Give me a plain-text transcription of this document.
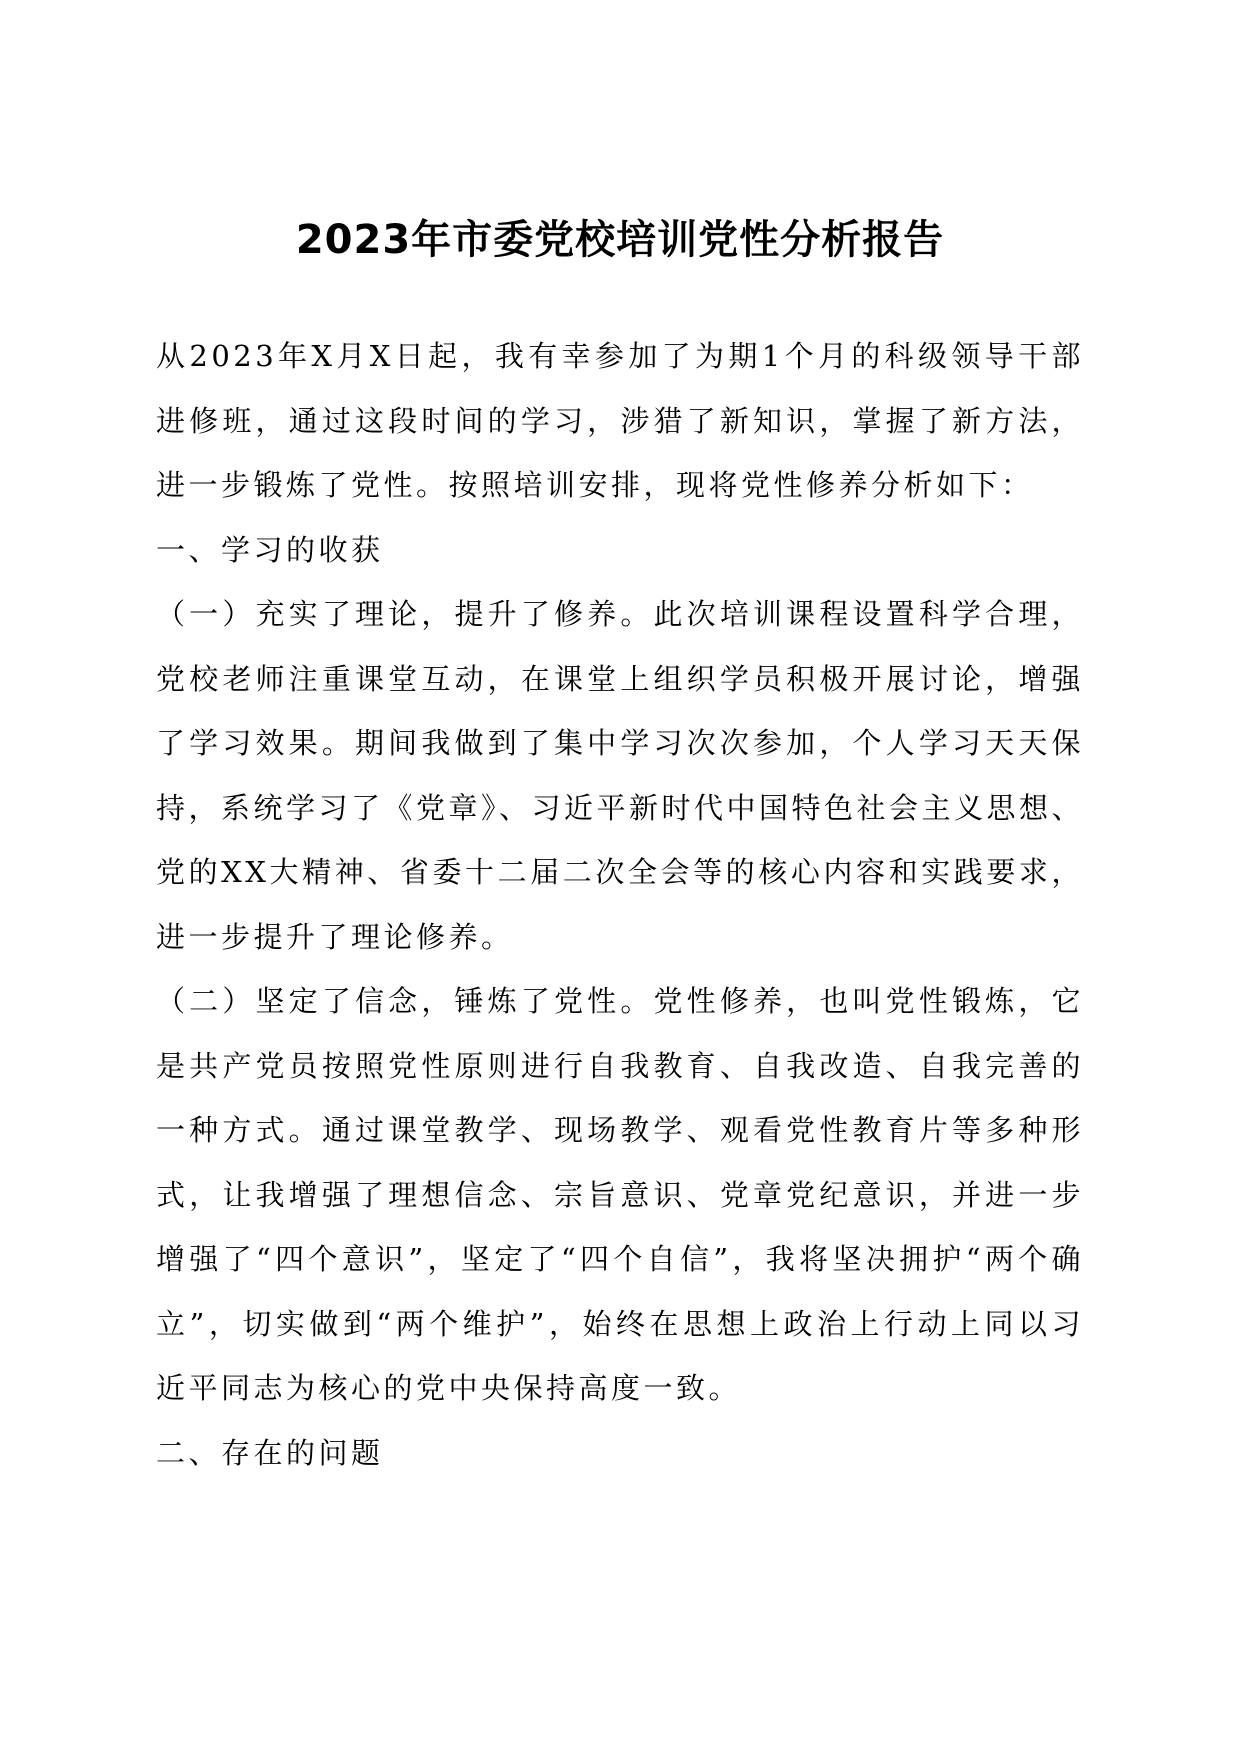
2023年市委党校培训党性分析报告

从2023年X月X日起，我有幸参加了为期1个月的科级领导干部进修班，通过这段时间的学习，涉猎了新知识，掌握了新方法，进一步锻炼了党性。按照培训安排，现将党性修养分析如下：

一、学习的收获

（一）充实了理论，提升了修养。此次培训课程设置科学合理，党校老师注重课堂互动，在课堂上组织学员积极开展讨论，增强了学习效果。期间我做到了集中学习次次参加，个人学习天天保持，系统学习了《党章》、习近平新时代中国特色社会主义思想、党的XX大精神、省委十二届二次全会等的核心内容和实践要求，进一步提升了理论修养。

（二）坚定了信念，锤炼了党性。党性修养，也叫党性锻炼，它是共产党员按照党性原则进行自我教育、自我改造、自我完善的一种方式。通过课堂教学、现场教学、观看党性教育片等多种形式，让我增强了理想信念、宗旨意识、党章党纪意识，并进一步增强了“四个意识”，坚定了“四个自信”，我将坚决拥护“两个确立”，切实做到“两个维护”，始终在思想上政治上行动上同以习近平同志为核心的党中央保持高度一致。

二、存在的问题
